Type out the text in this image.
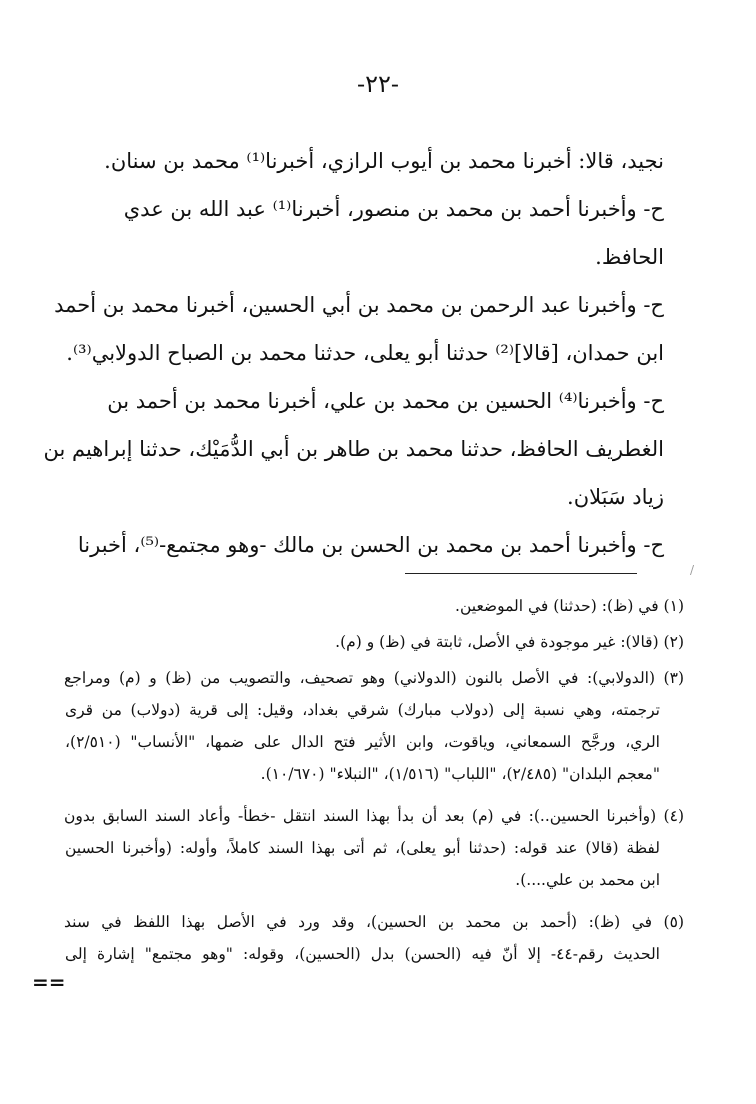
-٢٢-
نجيد، قالا: أخبرنا محمد بن أيوب الرازي، أخبرنا⁽¹⁾ محمد بن سنان.
ح- وأخبرنا أحمد بن محمد بن منصور، أخبرنا⁽¹⁾ عبد الله بن عدي
الحافظ.
ح- وأخبرنا عبد الرحمن بن محمد بن أبي الحسين، أخبرنا محمد بن أحمد
ابن حمدان، [قالا]⁽²⁾ حدثنا أبو يعلى، حدثنا محمد بن الصباح الدولابي⁽³⁾.
ح- وأخبرنا⁽⁴⁾ الحسين بن محمد بن علي، أخبرنا محمد بن أحمد بن
الغطريف الحافظ، حدثنا محمد بن طاهر بن أبي الدُّمَيْك، حدثنا إبراهيم بن
زياد سَبَلان.
ح- وأخبرنا أحمد بن محمد بن الحسن بن مالك -وهو مجتمع-⁽⁵⁾، أخبرنا
/
(١) في (ظ): (حدثنا) في الموضعين.
(٢) (قالا): غير موجودة في الأصل، ثابتة في (ظ) و (م).
(٣) (الدولابي): في الأصل بالنون (الدولاني) وهو تصحيف، والتصويب من (ظ) و (م) ومراجع
ترجمته، وهي نسبة إلى (دولاب مبارك) شرقي بغداد، وقيل: إلى قرية (دولاب) من قرى
الري، ورجَّح السمعاني، وياقوت، وابن الأثير فتح الدال على ضمها، "الأنساب" (٢/٥١٠)،
"معجم البلدان" (٢/٤٨٥)، "اللباب" (١/٥١٦)، "النبلاء" (١٠/٦٧٠).
(٤) (وأخبرنا الحسين..): في (م) بعد أن بدأ بهذا السند انتقل -خطأ- وأعاد السند السابق بدون
لفظة (قالا) عند قوله: (حدثنا أبو يعلى)، ثم أتى بهذا السند كاملاً، وأوله: (وأخبرنا الحسين
ابن محمد بن علي....).
(٥) في (ظ): (أحمد بن محمد بن الحسين)، وقد ورد في الأصل بهذا اللفظ في سند
الحديث رقم-٤٤- إلا أنّ فيه (الحسن) بدل (الحسين)، وقوله: "وهو مجتمع" إشارة إلى
==
